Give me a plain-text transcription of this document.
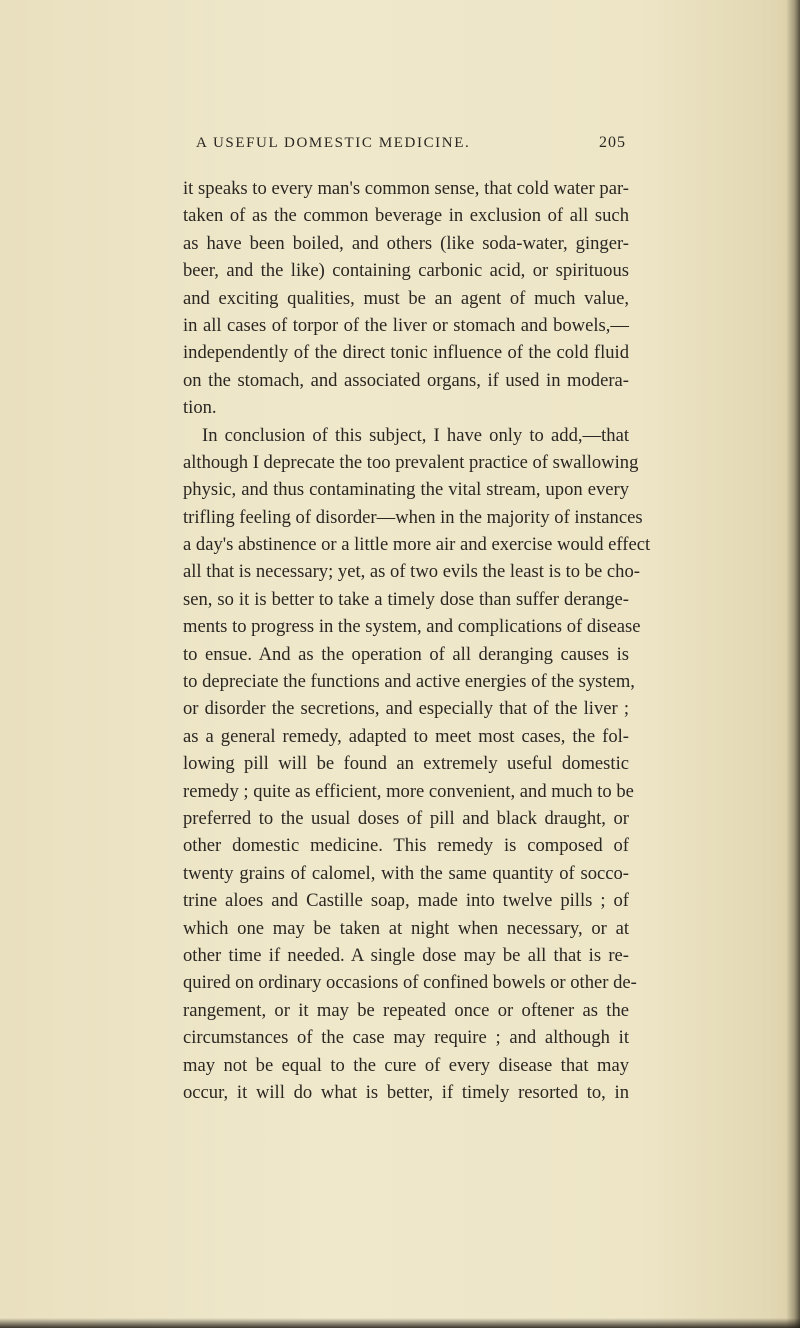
A USEFUL DOMESTIC MEDICINE.	205
it speaks to every man's common sense, that cold water par-
taken of as the common beverage in exclusion of all such
as have been boiled, and others (like soda-water, ginger-
beer, and the like) containing carbonic acid, or spirituous
and exciting qualities, must be an agent of much value,
in all cases of torpor of the liver or stomach and bowels,—
independently of the direct tonic influence of the cold fluid
on the stomach, and associated organs, if used in modera-
tion.
In conclusion of this subject, I have only to add,—that
although I deprecate the too prevalent practice of swallowing
physic, and thus contaminating the vital stream, upon every
trifling feeling of disorder—when in the majority of instances
a day's abstinence or a little more air and exercise would effect
all that is necessary; yet, as of two evils the least is to be cho-
sen, so it is better to take a timely dose than suffer derange-
ments to progress in the system, and complications of disease
to ensue. And as the operation of all deranging causes is
to depreciate the functions and active energies of the system,
or disorder the secretions, and especially that of the liver ;
as a general remedy, adapted to meet most cases, the fol-
lowing pill will be found an extremely useful domestic
remedy ; quite as efficient, more convenient, and much to be
preferred to the usual doses of pill and black draught, or
other domestic medicine. This remedy is composed of
twenty grains of calomel, with the same quantity of socco-
trine aloes and Castille soap, made into twelve pills ; of
which one may be taken at night when necessary, or at
other time if needed. A single dose may be all that is re-
quired on ordinary occasions of confined bowels or other de-
rangement, or it may be repeated once or oftener as the
circumstances of the case may require ; and although it
may not be equal to the cure of every disease that may
occur, it will do what is better, if timely resorted to, in
